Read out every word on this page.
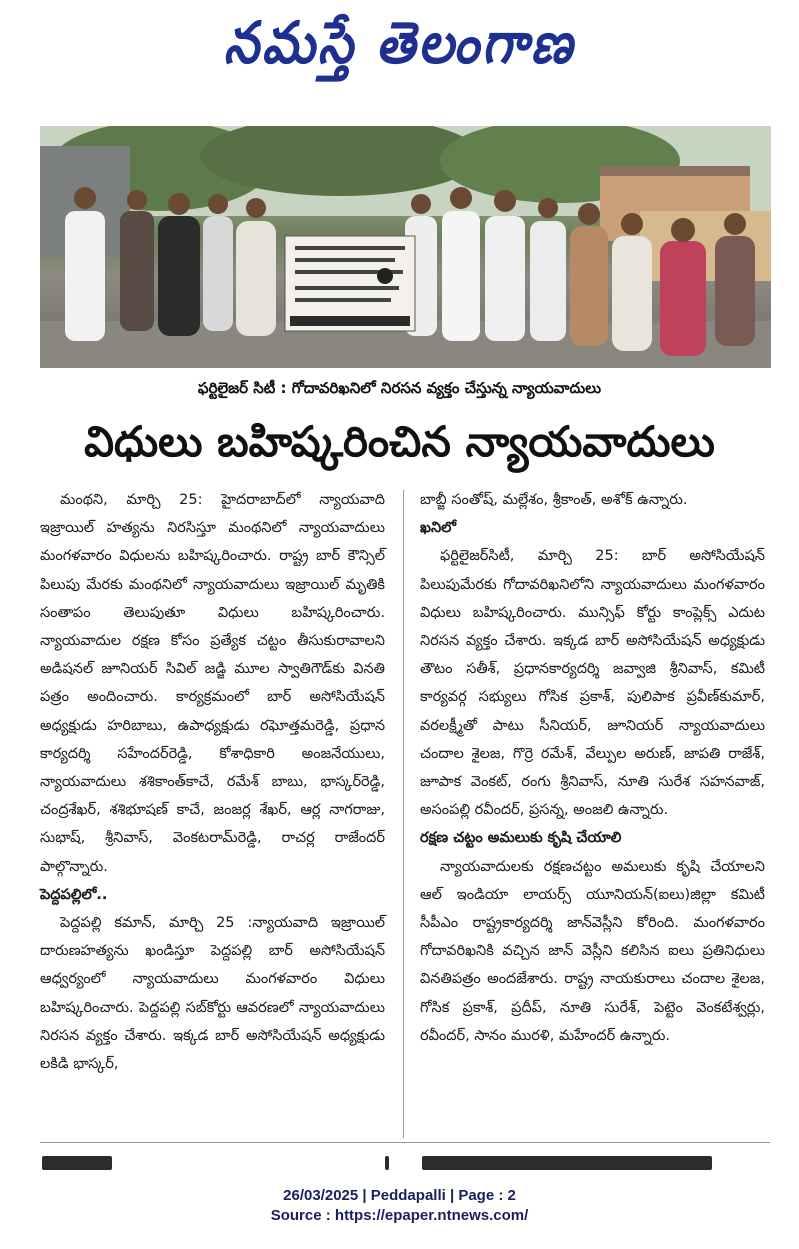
నమస్తే తెలంగాణ
ఫర్టిలైజర్ సిటీ : గోదావరిఖనిలో నిరసన వ్యక్తం చేస్తున్న న్యాయవాదులు
విధులు బహిష్కరించిన న్యాయవాదులు

మంథని, మార్చి 25: హైదరాబాద్‌లో న్యాయవాది ఇజ్రాయిల్ హత్యను నిరసిస్తూ మంథనిలో న్యాయవాదులు మంగళవారం విధులను బహిష్కరించారు. రాష్ట్ర బార్ కౌన్సిల్ పిలుపు మేరకు మంథనిలో న్యాయవాదులు ఇజ్రాయిల్ మృతికి సంతాపం తెలుపుతూ విధులు బహిష్కరించారు. న్యాయవాదుల రక్షణ కోసం ప్రత్యేక చట్టం తీసుకురావాలని అడిషనల్ జూనియర్ సివిల్ జడ్జి మూల స్వాతిగౌడ్‌కు వినతి పత్రం అందించారు. కార్యక్రమంలో బార్ అసోసియేషన్ అధ్యక్షుడు హరిబాబు, ఉపాధ్యక్షుడు రఘోత్తమరెడ్డి, ప్రధాన కార్యదర్శి సహేందర్‌రెడ్డి, కోశాధికారి అంజనేయులు, న్యాయవాదులు శశికాంత్‌కాచే, రమేశ్ బాబు, భాస్కర్‌రెడ్డి, చంద్రశేఖర్, శశిభూషణ్ కాచే, జంజర్ల శేఖర్, ఆర్ల నాగరాజు, సుభాష్, శ్రీనివాస్, వెంకటరామ్‌రెడ్డి, రాచర్ల రాజేందర్ పాల్గొన్నారు.

పెద్దపల్లిలో..

పెద్దపల్లి కమాన్, మార్చి 25 :న్యాయవాది ఇజ్రాయిల్ దారుణహత్యను ఖండిస్తూ పెద్దపల్లి బార్ అసోసియేషన్ ఆధ్వర్యంలో న్యాయవాదులు మంగళవారం విధులు బహిష్కరించారు. పెద్దపల్లి సబ్‌కోర్టు ఆవరణలో న్యాయవాదులు నిరసన వ్యక్తం చేశారు. ఇక్కడ బార్ అసోసియేషన్ అధ్యక్షుడు లకిడి భాస్కర్,

బాబ్జీ సంతోష్, మల్లేశం, శ్రీకాంత్, అశోక్ ఉన్నారు.

ఖనిలో

ఫర్టిలైజర్‌సిటీ, మార్చి 25: బార్ అసోసియేషన్ పిలుపుమేరకు గోదావరిఖనిలోని న్యాయవాదులు మంగళవారం విధులు బహిష్కరించారు. మున్సిఫ్ కోర్టు కాంప్లెక్స్ ఎదుట నిరసన వ్యక్తం చేశారు. ఇక్కడ బార్ అసోసియేషన్ అధ్యక్షుడు తౌటం సతీశ్, ప్రధానకార్యదర్శి జవ్వాజి శ్రీనివాస్, కమిటీ కార్యవర్గ సభ్యులు గోసిక ప్రకాశ్, పులిపాక ప్రవీణ్‌కుమార్, వరలక్ష్మీతో పాటు సీనియర్, జూనియర్ న్యాయవాదులు చందాల శైలజ, గొర్రె రమేశ్, వేల్పుల అరుణ్, జాపతి రాజేశ్, జూపాక వెంకట్, రంగు శ్రీనివాస్, నూతి సురేశ సహనవాజ్, అసంపల్లి రవీందర్, ప్రసన్న, అంజలి ఉన్నారు.

రక్షణ చట్టం అమలుకు కృషి చేయాలి

న్యాయవాదులకు రక్షణచట్టం అమలుకు కృషి చేయాలని ఆల్ ఇండియా లాయర్స్ యూనియన్(ఐలు)జిల్లా కమిటీ సీపీఎం రాష్ట్రకార్యదర్శి జాన్‌వెస్లీని కోరింది. మంగళవారం గోదావరిఖనికి వచ్చిన జాన్ వెస్లీని కలిసిన ఐలు ప్రతినిధులు వినతిపత్రం అందజేశారు. రాష్ట్ర నాయకురాలు చందాల శైలజ, గోసిక ప్రకాశ్, ప్రదీప్, నూతి సురేశ్, పెట్టెం వెంకటేశ్వర్లు, రవీందర్, సానం మురళి, మహేందర్ ఉన్నారు.

26/03/2025 | Peddapalli | Page : 2
Source : https://epaper.ntnews.com/
